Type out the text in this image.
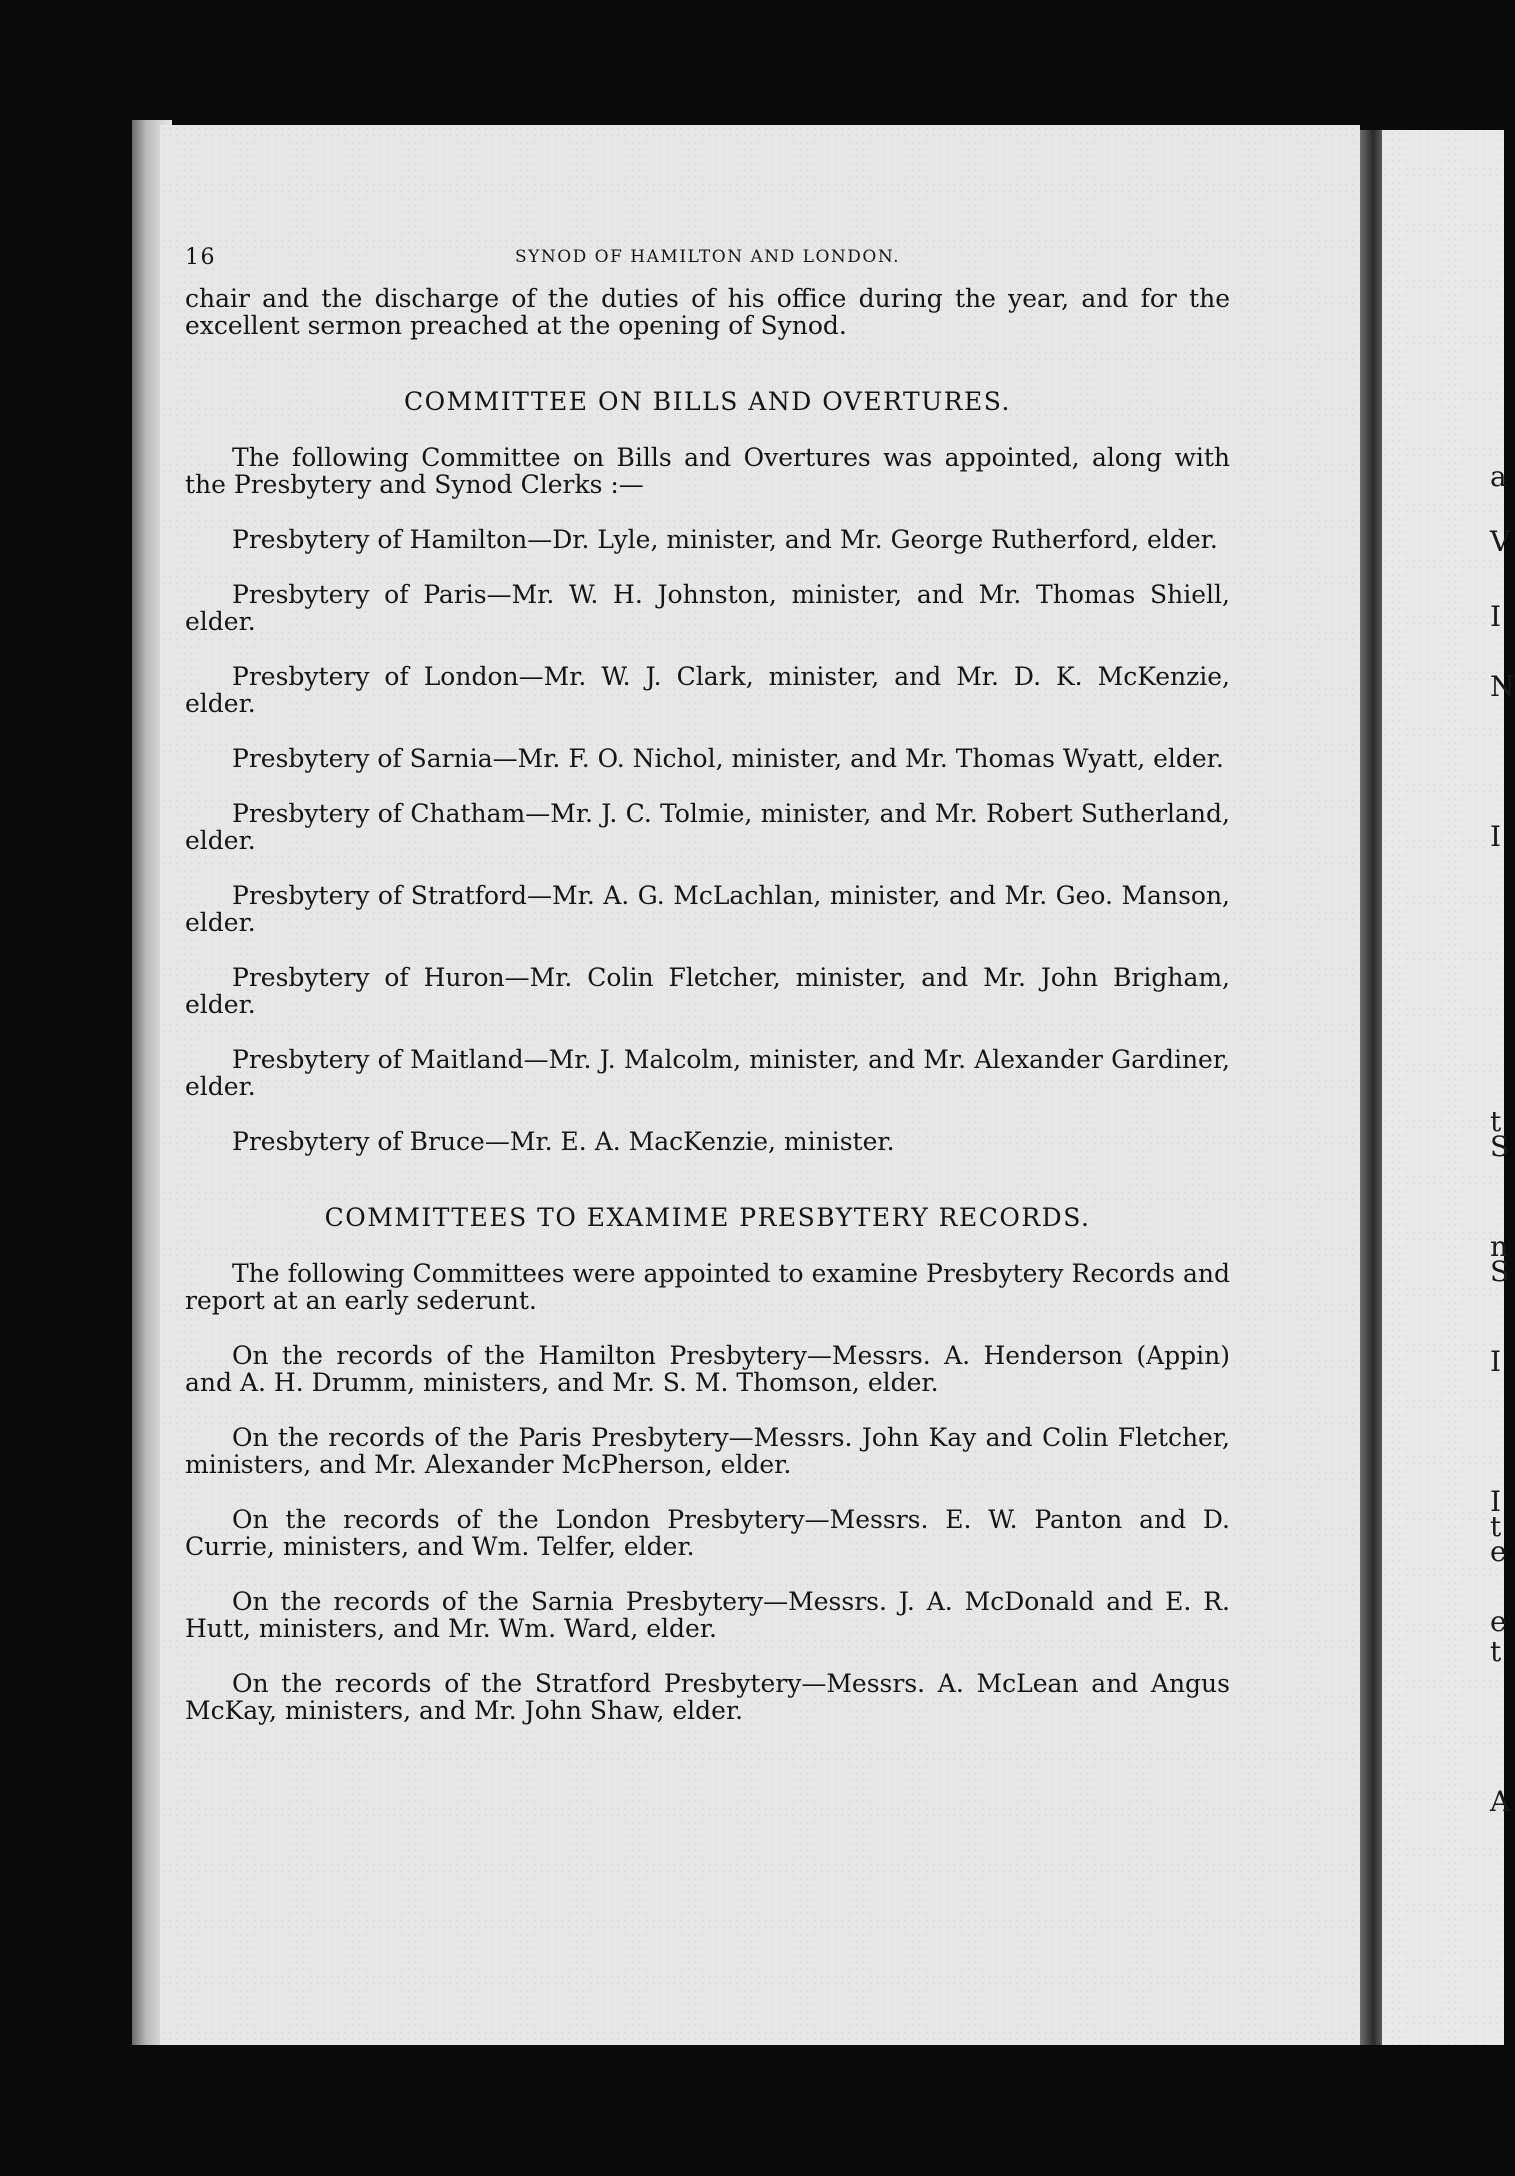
a
V
I
N
I
t
S
n
S
I
I
t
e
e
t
A
16	SYNOD OF HAMILTON AND LONDON.

chair and the discharge of the duties of his office during the year, and for the excellent sermon preached at the opening of Synod.

COMMITTEE ON BILLS AND OVERTURES.

The following Committee on Bills and Overtures was appointed, along with the Presbytery and Synod Clerks :—

Presbytery of Hamilton—Dr. Lyle, minister, and Mr. George Rutherford, elder.

Presbytery of Paris—Mr. W. H. Johnston, minister, and Mr. Thomas Shiell, elder.

Presbytery of London—Mr. W. J. Clark, minister, and Mr. D. K. McKenzie, elder.

Presbytery of Sarnia—Mr. F. O. Nichol, minister, and Mr. Thomas Wyatt, elder.

Presbytery of Chatham—Mr. J. C. Tolmie, minister, and Mr. Robert Sutherland, elder.

Presbytery of Stratford—Mr. A. G. McLachlan, minister, and Mr. Geo. Manson, elder.

Presbytery of Huron—Mr. Colin Fletcher, minister, and Mr. John Brigham, elder.

Presbytery of Maitland—Mr. J. Malcolm, minister, and Mr. Alexander Gardiner, elder.

Presbytery of Bruce—Mr. E. A. MacKenzie, minister.

COMMITTEES TO EXAMIME PRESBYTERY RECORDS.

The following Committees were appointed to examine Presbytery Records and report at an early sederunt.

On the records of the Hamilton Presbytery—Messrs. A. Henderson (Appin) and A. H. Drumm, ministers, and Mr. S. M. Thomson, elder.

On the records of the Paris Presbytery—Messrs. John Kay and Colin Fletcher, ministers, and Mr. Alexander McPherson, elder.

On the records of the London Presbytery—Messrs. E. W. Panton and D. Currie, ministers, and Wm. Telfer, elder.

On the records of the Sarnia Presbytery—Messrs. J. A. McDonald and E. R. Hutt, ministers, and Mr. Wm. Ward, elder.

On the records of the Stratford Presbytery—Messrs. A. McLean and Angus McKay, ministers, and Mr. John Shaw, elder.
